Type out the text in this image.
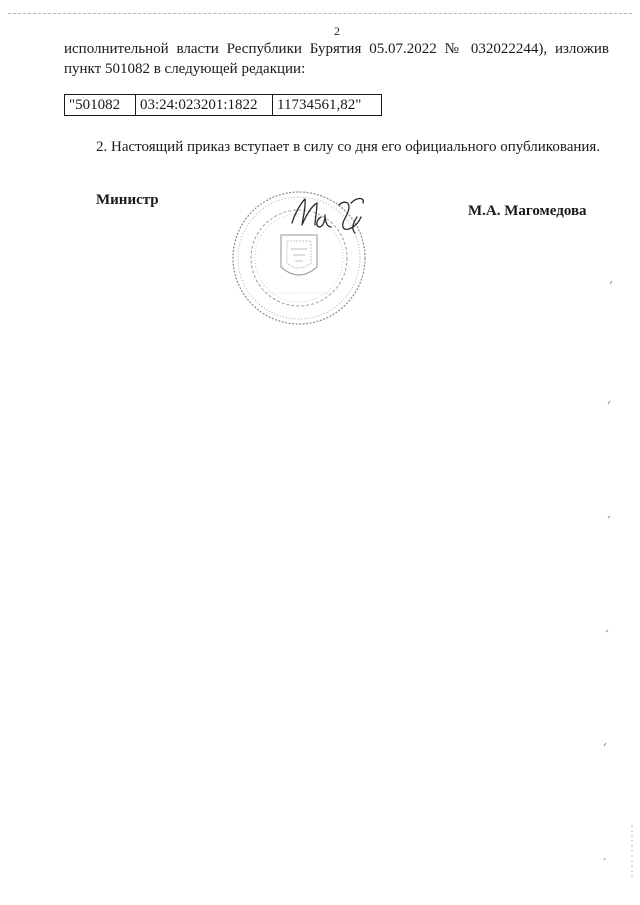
2
исполнительной власти Республики Бурятия 05.07.2022 № 032022244), изложив
пункт 501082 в следующей редакции:
"501082	03:24:023201:1822	11734561,82"
2. Настоящий приказ вступает в силу со дня его официального опубликования.
Министр
М.А. Магомедова
